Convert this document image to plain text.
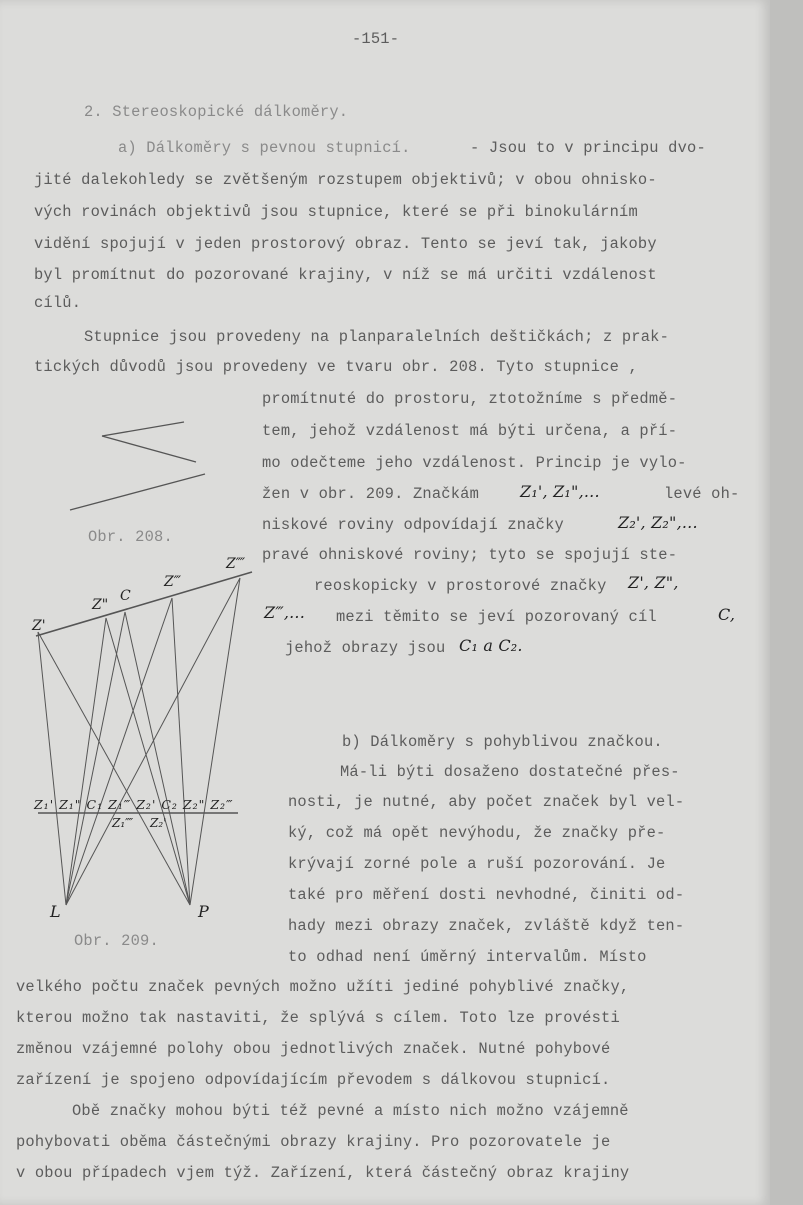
-151-
2. Stereoskopické dálkoměry.
a) Dálkoměry s pevnou stupnicí.	- Jsou to v principu dvo-
jité dalekohledy se zvětšeným rozstupem objektivů; v obou ohnisko-
vých rovinách objektivů jsou stupnice, které se při binokulárním
vidění spojují v jeden prostorový obraz. Tento se jeví tak, jakoby
byl promítnut do pozorované krajiny, v níž se má určiti vzdálenost
cílů.
Stupnice jsou provedeny na planparalelních deštičkách; z prak-
tických důvodů jsou provedeny ve tvaru obr. 208. Tyto stupnice ,
promítnuté do prostoru, ztotožníme s předmě-
tem, jehož vzdálenost má býti určena, a pří-
mo odečteme jeho vzdálenost. Princip je vylo-
žen v obr. 209. Značkám	Z₁', Z₁",...	levé oh-
niskové roviny odpovídají značky	Z₂', Z₂",...
pravé ohniskové roviny; tyto se spojují ste-
reoskopicky v prostorové značky Z', Z",
Z‴,... mezi těmito se jeví pozorovaný cíl	C,
jehož obrazy jsou C₁ a C₂.
Obr. 208.
Z'
Z"
C
Z‴
Z⁗
Z₁' Z₁" C₁ Z₁‴ Z₂' C₂ Z₂" Z₂‴
Z₁⁗ Z₂'
L	P
Obr. 209.
b) Dálkoměry s pohyblivou značkou.
Má-li býti dosaženo dostatečné přes-
nosti, je nutné, aby počet značek byl vel-
ký, což má opět nevýhodu, že značky pře-
krývají zorné pole a ruší pozorování. Je
také pro měření dosti nevhodné, činiti od-
hady mezi obrazy značek, zvláště když ten-
to odhad není úměrný intervalům. Místo
velkého počtu značek pevných možno užíti jediné pohyblivé značky,
kterou možno tak nastaviti, že splývá s cílem. Toto lze provésti
změnou vzájemné polohy obou jednotlivých značek. Nutné pohybové
zařízení je spojeno odpovídajícím převodem s dálkovou stupnicí.
Obě značky mohou býti též pevné a místo nich možno vzájemně
pohybovati oběma částečnými obrazy krajiny. Pro pozorovatele je
v obou případech vjem týž. Zařízení, která částečný obraz krajiny
